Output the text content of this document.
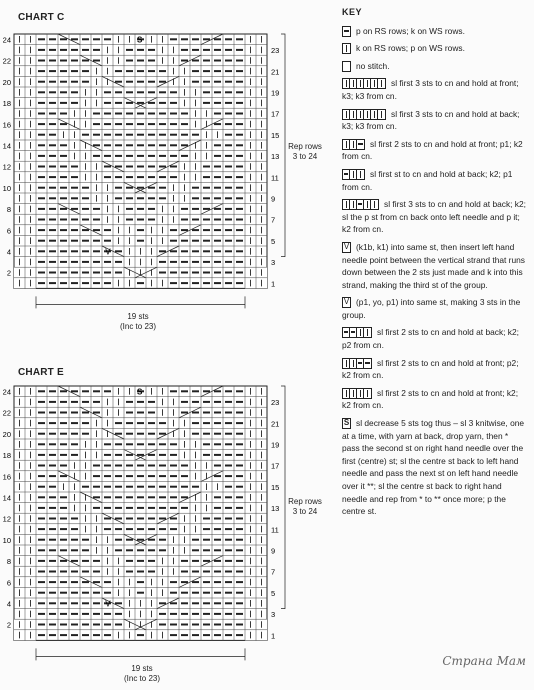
CHART C
S
V
24
22
20
18
16
14
12
10
8
6
4
2
23
21
19
17
15
13
11
9
7
5
3
1
Rep rows
3 to 24
19 sts
(Inc to 23)
CHART E
S
V
24
22
20
18
16
14
12
10
8
6
4
2
23
21
19
17
15
13
11
9
7
5
3
1
Rep rows
3 to 24
19 sts
(Inc to 23)
KEY
p on RS rows; k on WS rows.
k on RS rows; p on WS rows.
no stitch.
sl first 3 sts to cn and hold at front; k3; k3 from cn.
sl first 3 sts to cn and hold at back; k3; k3 from cn.
sl first 2 sts to cn and hold at front; p1; k2 from cn.
sl first st to cn and hold at back; k2; p1 from cn.
sl first 3 sts to cn and hold at back; k2; sl the p st from cn back onto left needle and p it; k2 from cn.
V(k1b, k1) into same st, then insert left hand needle point between the vertical strand that runs down between the 2 sts just made and k into this strand, making the third st of the group.
V(p1, yo, p1) into same st, making 3 sts in the group.
sl first 2 sts to cn and hold at back; k2; p2 from cn.
sl first 2 sts to cn and hold at front; p2; k2 from cn.
sl first 2 sts to cn and hold at front; k2; k2 from cn.
Ssl decrease 5 sts tog thus – sl 3 knitwise, one at a time, with yarn at back, drop yarn, then * pass the second st on right hand needle over the first (centre) st; sl the centre st back to left hand needle and pass the next st on left hand needle over it **; sl the centre st back to right hand needle and rep from * to ** once more; p the centre st.
Страна Мам
